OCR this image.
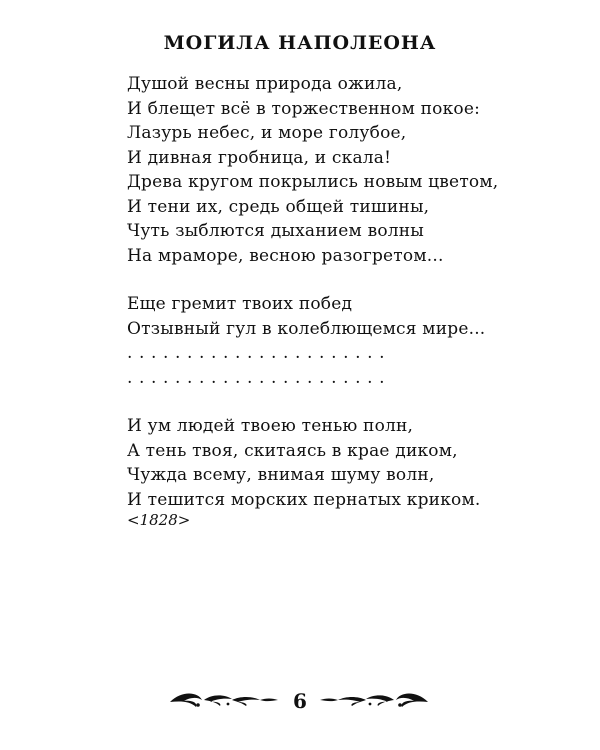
МОГИЛА НАПОЛЕОНА
Душой весны природа ожила,
И блещет всё в торжественном покое:
Лазурь небес, и море голубое,
И дивная гробница, и скала!
Древа кругом покрылись новым цветом,
И тени их, средь общей тишины,
Чуть зыблются дыханием волны
На мраморе, весною разогретом...
Еще гремит твоих побед
Отзывный гул в колеблющемся мире...
......................
......................
И ум людей твоею тенью полн,
А тень твоя, скитаясь в крае диком,
Чужда всему, внимая шуму волн,
И тешится морских пернатых криком.
<1828>
6
